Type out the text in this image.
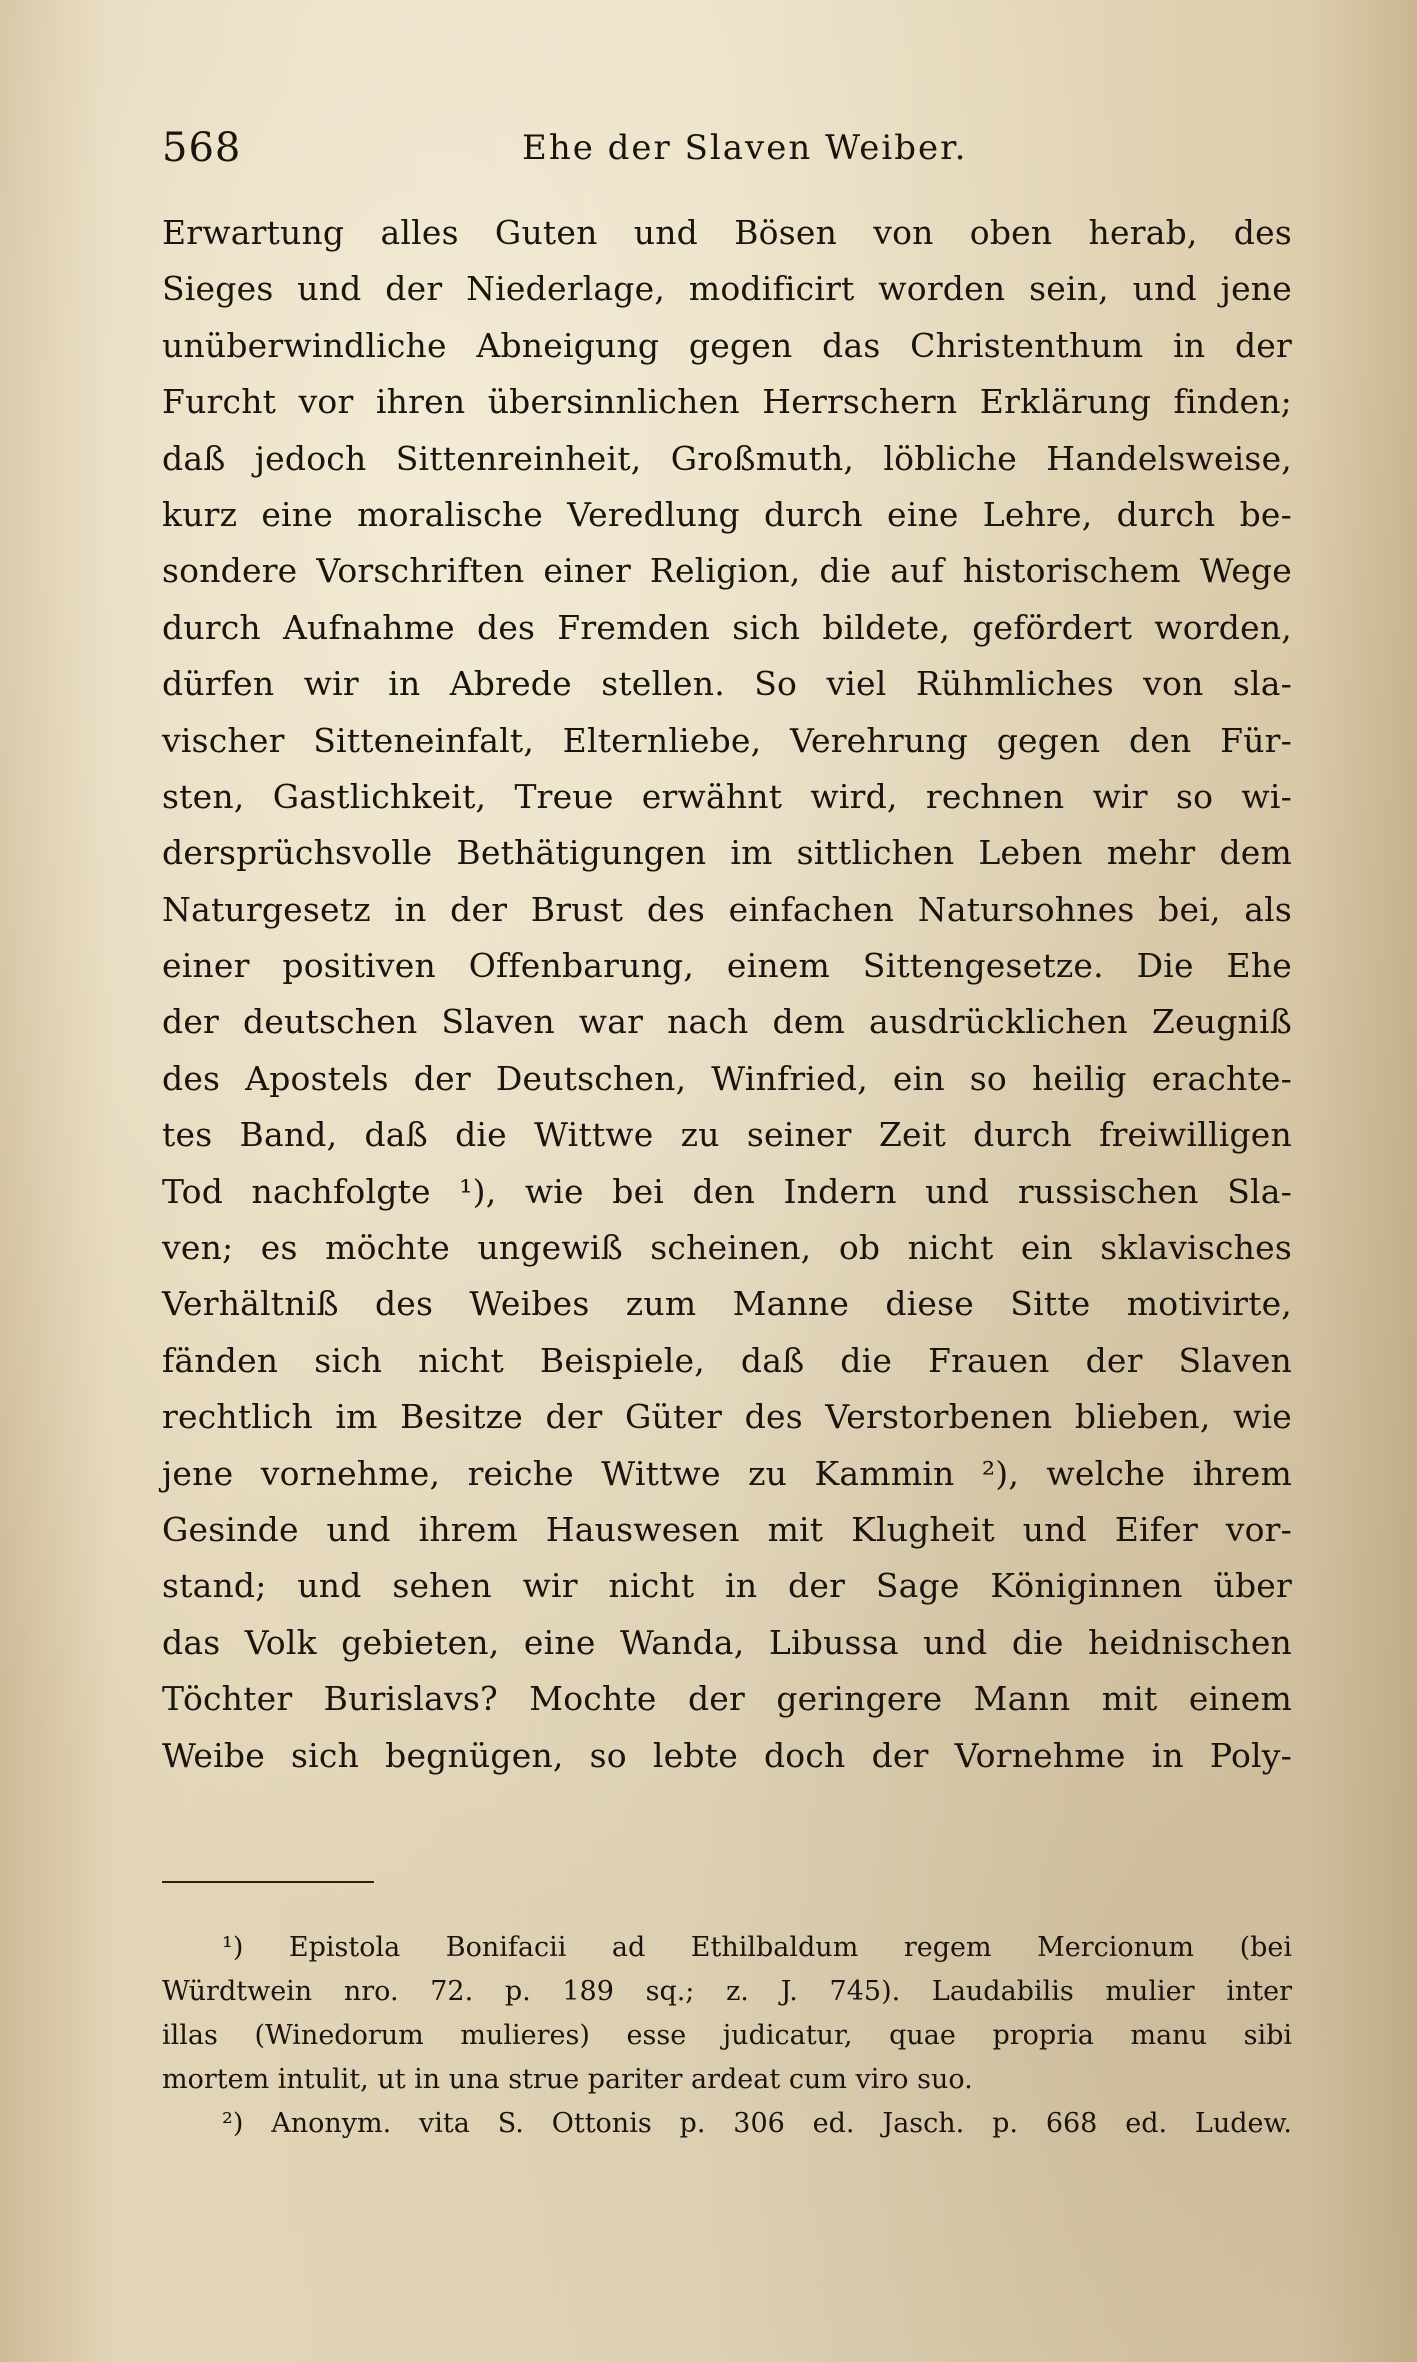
568	Ehe der Slaven Weiber.
Erwartung alles Guten und Bösen von oben herab, des
Sieges und der Niederlage, modificirt worden sein, und jene
unüberwindliche Abneigung gegen das Christenthum in der
Furcht vor ihren übersinnlichen Herrschern Erklärung finden;
daß jedoch Sittenreinheit, Großmuth, löbliche Handelsweise,
kurz eine moralische Veredlung durch eine Lehre, durch be-
sondere Vorschriften einer Religion, die auf historischem Wege
durch Aufnahme des Fremden sich bildete, gefördert worden,
dürfen wir in Abrede stellen. So viel Rühmliches von sla-
vischer Sitteneinfalt, Elternliebe, Verehrung gegen den Für-
sten, Gastlichkeit, Treue erwähnt wird, rechnen wir so wi-
dersprüchsvolle Bethätigungen im sittlichen Leben mehr dem
Naturgesetz in der Brust des einfachen Natursohnes bei, als
einer positiven Offenbarung, einem Sittengesetze. Die Ehe
der deutschen Slaven war nach dem ausdrücklichen Zeugniß
des Apostels der Deutschen, Winfried, ein so heilig erachte-
tes Band, daß die Wittwe zu seiner Zeit durch freiwilligen
Tod nachfolgte ¹), wie bei den Indern und russischen Sla-
ven; es möchte ungewiß scheinen, ob nicht ein sklavisches
Verhältniß des Weibes zum Manne diese Sitte motivirte,
fänden sich nicht Beispiele, daß die Frauen der Slaven
rechtlich im Besitze der Güter des Verstorbenen blieben, wie
jene vornehme, reiche Wittwe zu Kammin ²), welche ihrem
Gesinde und ihrem Hauswesen mit Klugheit und Eifer vor-
stand; und sehen wir nicht in der Sage Königinnen über
das Volk gebieten, eine Wanda, Libussa und die heidnischen
Töchter Burislavs? Mochte der geringere Mann mit einem
Weibe sich begnügen, so lebte doch der Vornehme in Poly-
¹) Epistola Bonifacii ad Ethilbaldum regem Mercionum (bei
Würdtwein nro. 72. p. 189 sq.; z. J. 745). Laudabilis mulier inter
illas (Winedorum mulieres) esse judicatur, quae propria manu sibi
mortem intulit, ut in una strue pariter ardeat cum viro suo.
²) Anonym. vita S. Ottonis p. 306 ed. Jasch. p. 668 ed. Ludew.
